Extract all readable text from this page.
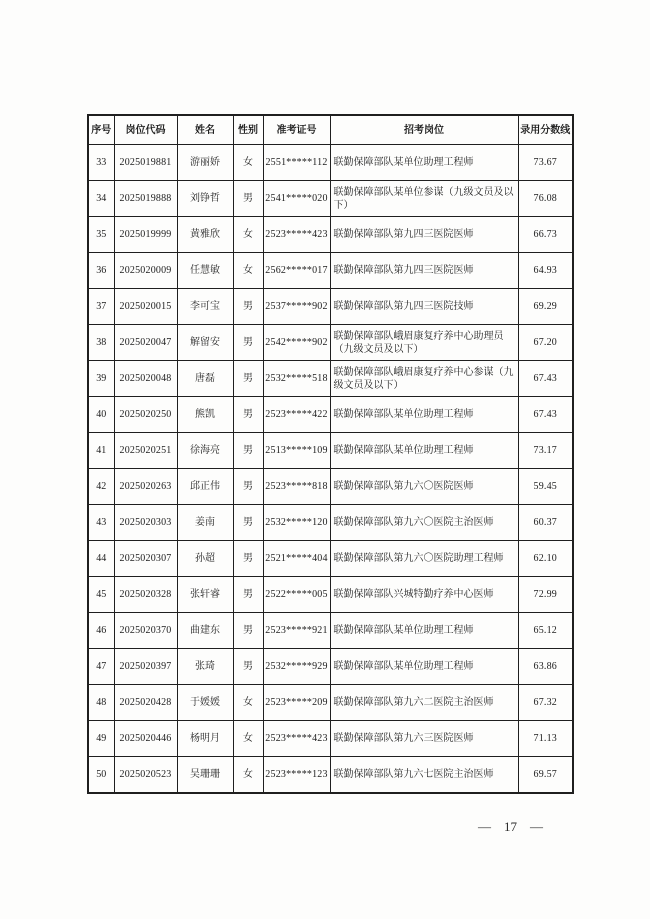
序号	岗位代码	姓名	性别	准考证号	招考岗位	录用分数线
33	2025019881	游丽娇	女	2551*****112	联勤保障部队某单位助理工程师	73.67
34	2025019888	刘铮哲	男	2541*****020	联勤保障部队某单位参谋（九级文员及以下）	76.08
35	2025019999	黄雅欣	女	2523*****423	联勤保障部队第九四三医院医师	66.73
36	2025020009	任慧敏	女	2562*****017	联勤保障部队第九四三医院医师	64.93
37	2025020015	李可宝	男	2537*****902	联勤保障部队第九四三医院技师	69.29
38	2025020047	解留安	男	2542*****902	联勤保障部队峨眉康复疗养中心助理员（九级文员及以下）	67.20
39	2025020048	唐磊	男	2532*****518	联勤保障部队峨眉康复疗养中心参谋（九级文员及以下）	67.43
40	2025020250	熊凯	男	2523*****422	联勤保障部队某单位助理工程师	67.43
41	2025020251	徐海亮	男	2513*****109	联勤保障部队某单位助理工程师	73.17
42	2025020263	邱正伟	男	2523*****818	联勤保障部队第九六〇医院医师	59.45
43	2025020303	姜南	男	2532*****120	联勤保障部队第九六〇医院主治医师	60.37
44	2025020307	孙超	男	2521*****404	联勤保障部队第九六〇医院助理工程师	62.10
45	2025020328	张轩睿	男	2522*****005	联勤保障部队兴城特勤疗养中心医师	72.99
46	2025020370	曲建东	男	2523*****921	联勤保障部队某单位助理工程师	65.12
47	2025020397	张琦	男	2532*****929	联勤保障部队某单位助理工程师	63.86
48	2025020428	于媛媛	女	2523*****209	联勤保障部队第九六二医院主治医师	67.32
49	2025020446	杨明月	女	2523*****423	联勤保障部队第九六三医院医师	71.13
50	2025020523	吴珊珊	女	2523*****123	联勤保障部队第九六七医院主治医师	69.57
— 17 —
